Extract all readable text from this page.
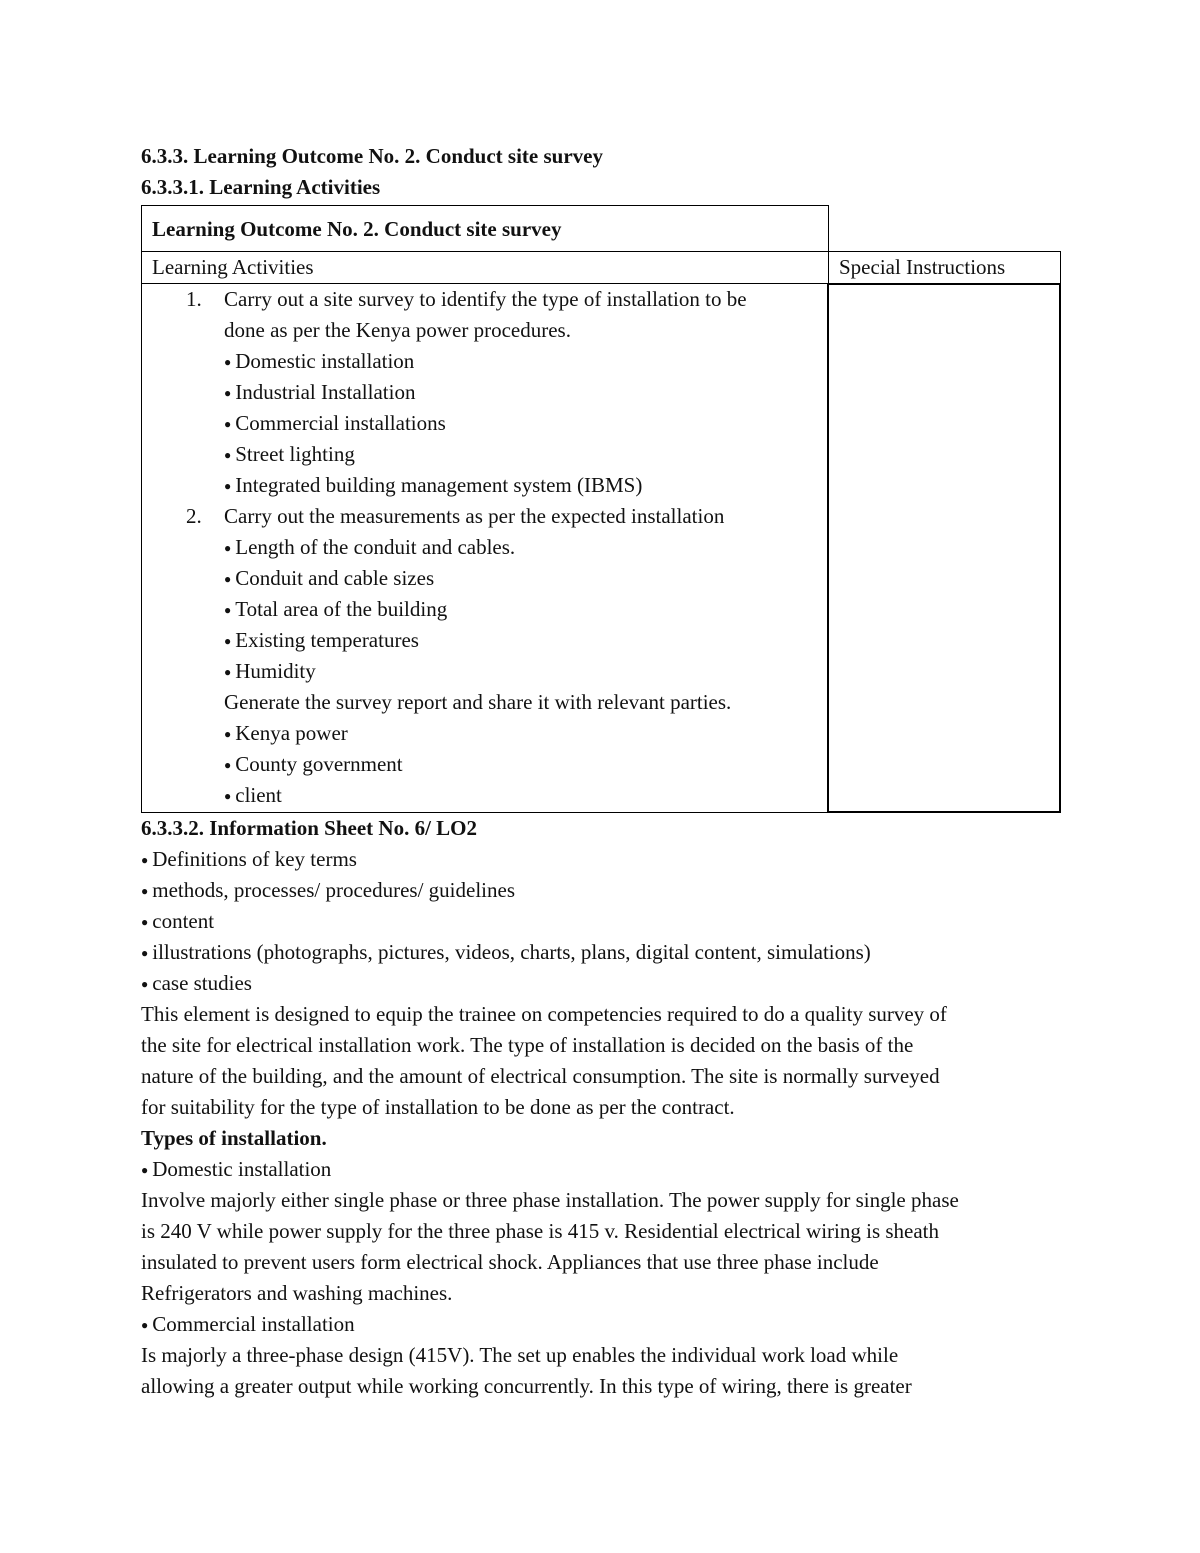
6.3.3. Learning Outcome No. 2. Conduct site survey
6.3.3.1. Learning Activities
Learning Outcome No. 2. Conduct site survey
Learning Activities	Special Instructions
1. Carry out a site survey to identify the type of installation to be
done as per the Kenya power procedures.
● Domestic installation
● Industrial Installation
● Commercial installations
● Street lighting
● Integrated building management system (IBMS)
2. Carry out the measurements as per the expected installation
● Length of the conduit and cables.
● Conduit and cable sizes
● Total area of the building
● Existing temperatures
● Humidity
Generate the survey report and share it with relevant parties.
● Kenya power
● County government
● client
6.3.3.2. Information Sheet No. 6/ LO2
● Definitions of key terms
● methods, processes/ procedures/ guidelines
● content
● illustrations (photographs, pictures, videos, charts, plans, digital content, simulations)
● case studies
This element is designed to equip the trainee on competencies required to do a quality survey of
the site for electrical installation work. The type of installation is decided on the basis of the
nature of the building, and the amount of electrical consumption. The site is normally surveyed
for suitability for the type of installation to be done as per the contract.
Types of installation.
● Domestic installation
Involve majorly either single phase or three phase installation. The power supply for single phase
is 240 V while power supply for the three phase is 415 v. Residential electrical wiring is sheath
insulated to prevent users form electrical shock. Appliances that use three phase include
Refrigerators and washing machines.
● Commercial installation
Is majorly a three-phase design (415V). The set up enables the individual work load while
allowing a greater output while working concurrently. In this type of wiring, there is greater
